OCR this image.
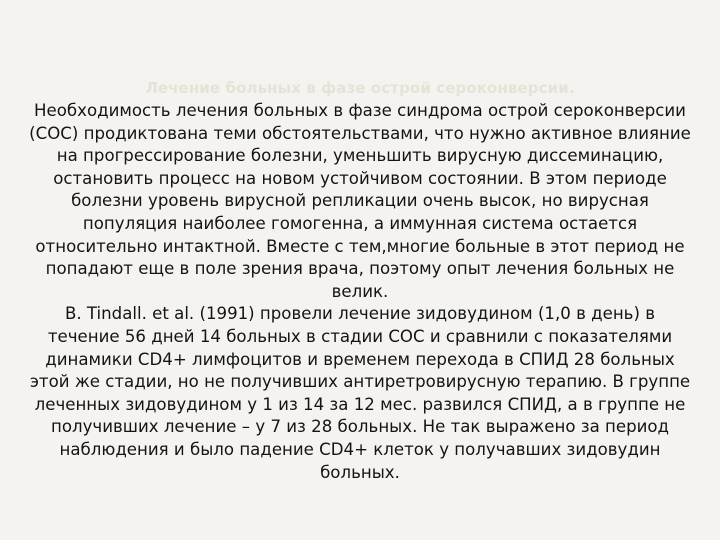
Лечение больных в фазе острой сероконверсии.

Необходимость лечения больных в фазе синдрома острой сероконверсии (СОС) продиктована теми обстоятельствами, что нужно активное влияние на прогрессирование болезни, уменьшить вирусную диссеминацию, остановить процесс на новом устойчивом состоянии. В этом периоде болезни уровень вирусной репликации очень высок, но вирусная популяция наиболее гомогенна, а иммунная система остается относительно интактной. Вместе с тем,многие больные в этот период не попадают еще в поле зрения врача, поэтому опыт лечения больных не велик.

B. Tindall. et al. (1991) провели лечение зидовудином (1,0 в день) в течение 56 дней 14 больных в стадии СОС и сравнили с показателями динамики CD4+ лимфоцитов и временем перехода в СПИД 28 больных этой же стадии, но не получивших антиретровирусную терапию. В группе леченных зидовудином у 1 из 14 за 12 мес. развился СПИД, а в группе не получивших лечение – у 7 из 28 больных. Не так выражено за период наблюдения и было падение CD4+ клеток у получавших зидовудин больных.
